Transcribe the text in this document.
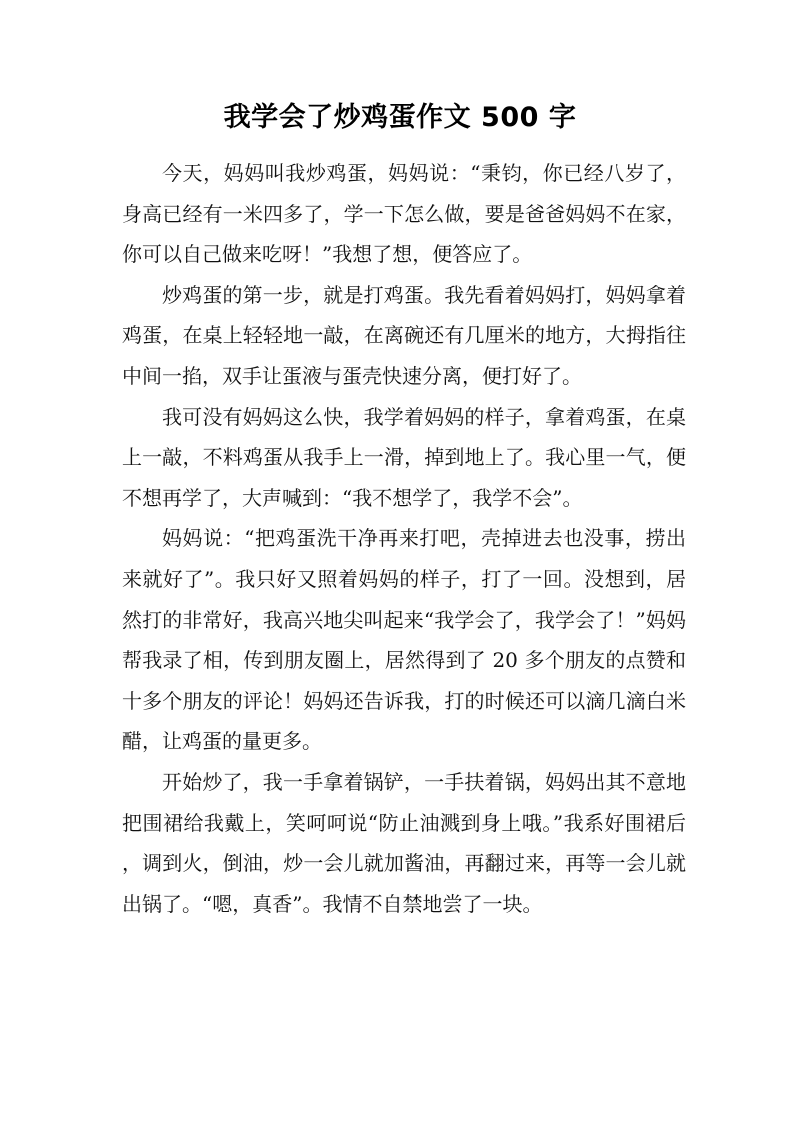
我学会了炒鸡蛋作文 500 字

今天，妈妈叫我炒鸡蛋，妈妈说：“秉钧，你已经八岁了，身高已经有一米四多了，学一下怎么做，要是爸爸妈妈不在家，你可以自己做来吃呀！”我想了想，便答应了。

炒鸡蛋的第一步，就是打鸡蛋。我先看着妈妈打，妈妈拿着鸡蛋，在桌上轻轻地一敲，在离碗还有几厘米的地方，大拇指往中间一掐，双手让蛋液与蛋壳快速分离，便打好了。

我可没有妈妈这么快，我学着妈妈的样子，拿着鸡蛋，在桌上一敲，不料鸡蛋从我手上一滑，掉到地上了。我心里一气，便不想再学了，大声喊到：“我不想学了，我学不会”。

妈妈说：“把鸡蛋洗干净再来打吧，壳掉进去也没事，捞出来就好了”。我只好又照着妈妈的样子，打了一回。没想到，居然打的非常好，我高兴地尖叫起来“我学会了，我学会了！”妈妈帮我录了相，传到朋友圈上，居然得到了 20 多个朋友的点赞和十多个朋友的评论！妈妈还告诉我，打的时候还可以滴几滴白米醋，让鸡蛋的量更多。

开始炒了，我一手拿着锅铲，一手扶着锅，妈妈出其不意地把围裙给我戴上，笑呵呵说“防止油溅到身上哦。”我系好围裙后，调到火，倒油，炒一会儿就加酱油，再翻过来，再等一会儿就出锅了。“嗯，真香”。我情不自禁地尝了一块。
